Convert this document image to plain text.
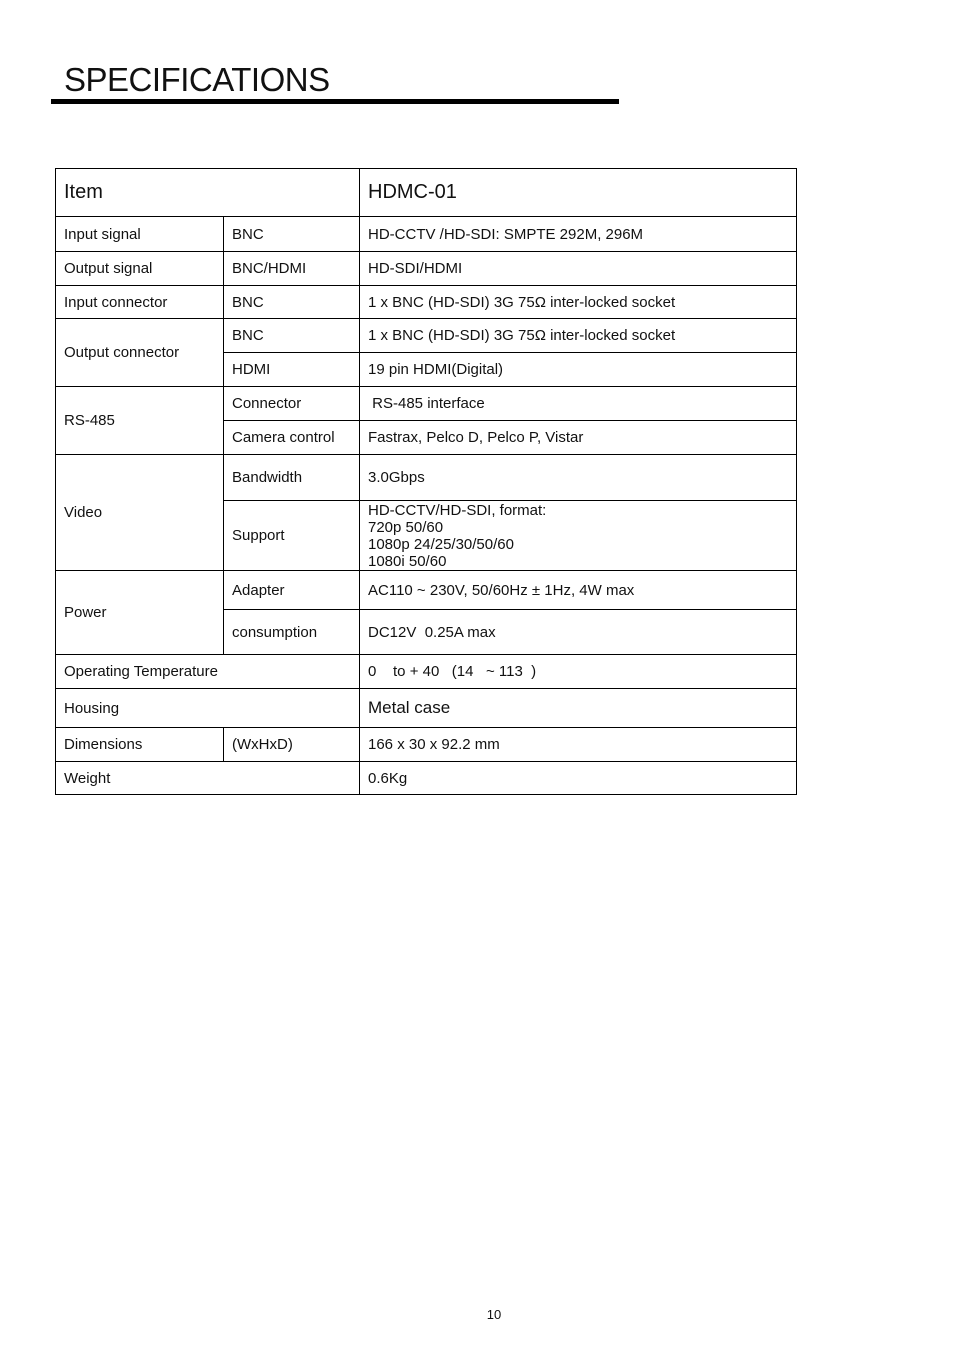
SPECIFICATIONS
Item		HDMC-01
Input signal	BNC	HD-CCTV /HD-SDI: SMPTE 292M, 296M
Output signal	BNC/HDMI	HD-SDI/HDMI
Input connector	BNC	1 x BNC (HD-SDI) 3G 75Ω inter-locked socket
Output connector	BNC	1 x BNC (HD-SDI) 3G 75Ω inter-locked socket
	HDMI	19 pin HDMI(Digital)
RS-485	Connector	RS-485 interface
	Camera control	Fastrax, Pelco D, Pelco P, Vistar
Video	Bandwidth	3.0Gbps
	Support	HD-CCTV/HD-SDI, format:
720p 50/60
1080p 24/25/30/50/60
1080i 50/60
Power	Adapter	AC110 ~ 230V, 50/60Hz ± 1Hz, 4W max
	consumption	DC12V  0.25A max
Operating Temperature		0    to + 40   (14   ~ 113  )
Housing		Metal case
Dimensions	(WxHxD)	166 x 30 x 92.2 mm
Weight		0.6Kg
10
